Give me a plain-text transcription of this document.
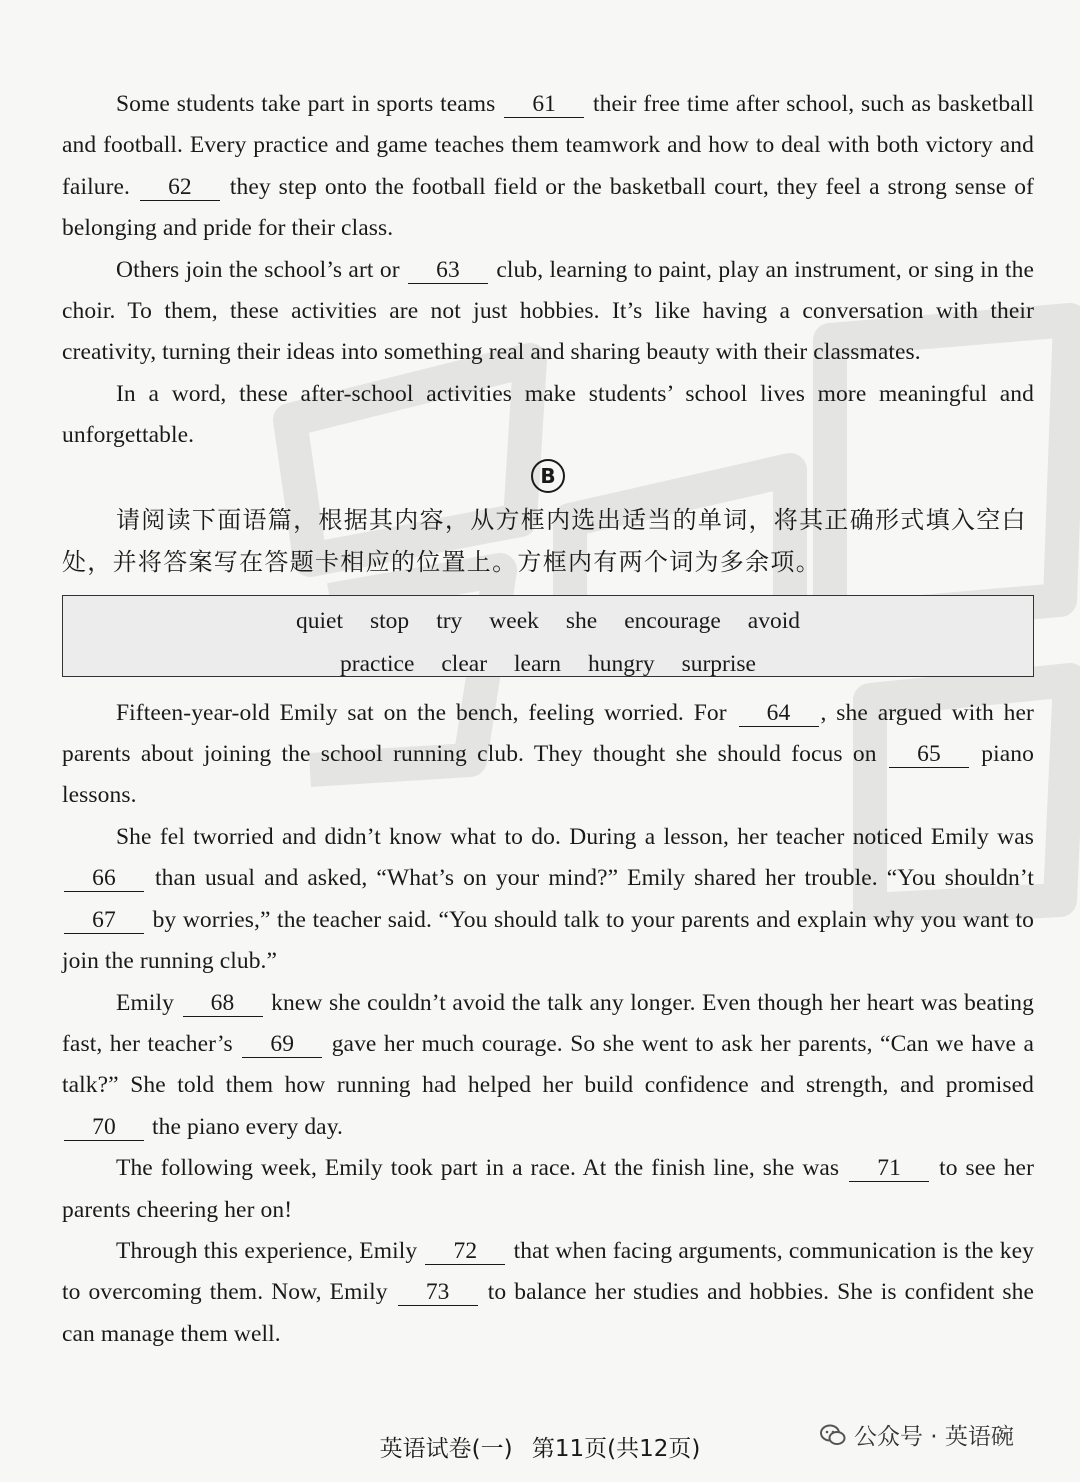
Some students take part in sports teams 61 their free time after school, such as basketball and football. Every practice and game teaches them teamwork and how to deal with both victory and failure. 62 they step onto the football field or the basketball court, they feel a strong sense of belonging and pride for their class.

Others join the school’s art or 63 club, learning to paint, play an instrument, or sing in the choir. To them, these activities are not just hobbies. It’s like having a conversation with their creativity, turning their ideas into something real and sharing beauty with their classmates.

In a word, these after-school activities make students’ school lives more meaningful and unforgettable.

B

请阅读下面语篇，根据其内容，从方框内选出适当的单词，将其正确形式填入空白处，并将答案写在答题卡相应的位置上。方框内有两个词为多余项。

quiet stop try week she encourage avoid
practice clear learn hungry surprise

Fifteen-year-old Emily sat on the bench, feeling worried. For 64 , she argued with her parents about joining the school running club. They thought she should focus on 65 piano lessons.

She fel tworried and didn’t know what to do. During a lesson, her teacher noticed Emily was 66 than usual and asked, “What’s on your mind?” Emily shared her trouble. “You shouldn’t 67 by worries,” the teacher said. “You should talk to your parents and explain why you want to join the running club.”

Emily 68 knew she couldn’t avoid the talk any longer. Even though her heart was beating fast, her teacher’s 69 gave her much courage. So she went to ask her parents, “Can we have a talk?” She told them how running had helped her build confidence and strength, and promised 70 the piano every day.

The following week, Emily took part in a race. At the finish line, she was 71 to see her parents cheering her on!

Through this experience, Emily 72 that when facing arguments, communication is the key to overcoming them. Now, Emily 73 to balance her studies and hobbies. She is confident she can manage them well.

英语试卷(一) 第11页(共12页)	公众号 · 英语碗
